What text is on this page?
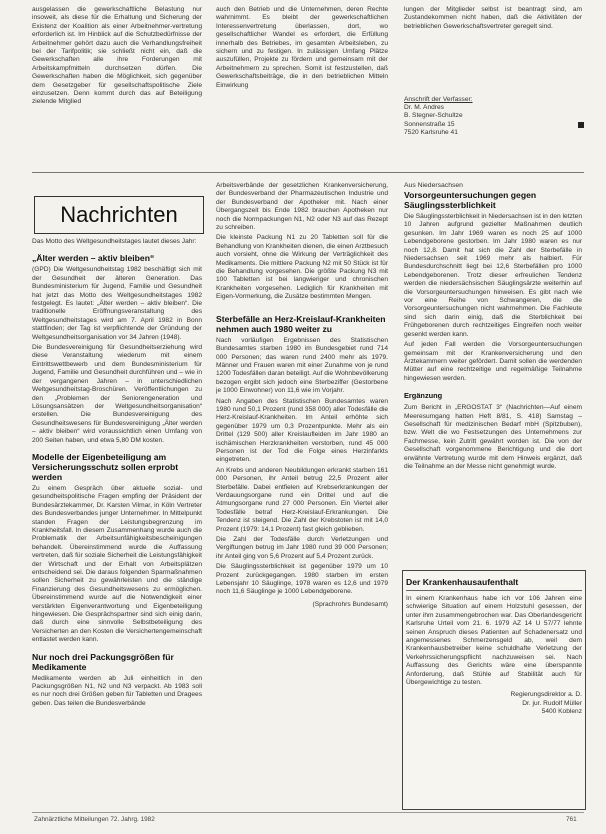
ausgelassen die gewerkschaftliche Belastung nur insoweit, als diese für die Erhaltung und Sicherung der Existenz der Koalition als einer Arbeitnehmer-vertretung erforderlich ist. Im Hinblick auf die Schutzbedürfnisse der Arbeitnehmer gehört dazu auch die Verhandlungsfreiheit bei der Tarifpolitik; sie schließt nicht ein, daß die Gewerkschaften alle ihre Forderungen mit Arbeitskampfmitteln durchsetzen dürfen. Die Gewerkschaften haben die Möglichkeit, sich gegenüber dem Gesetzgeber für gesellschaftspolitische Ziele einzusetzen. Denn kommt durch das auf Beteiligung zielende Mitglied

auch den Betrieb und die Unternehmen, deren Rechte wahrnimmt. Es bleibt der gewerkschaftlichen Interessenvertretung überlassen, dort, wo gesellschaftlicher Wandel es erfordert, die Erfüllung innerhalb des Betriebes, im gesamten Arbeitsleben, zu sichern und zu festigen. In zulässigen Umfang Plätze auszufüllen, Projekte zu fördern und gemeinsam mit der Arbeitnehmern zu sprechen. Somit ist festzustellen, daß Gewerkschaftsbeiträge, die in den betrieblichen Mitteln Einwirkung

lungen der Mitglieder selbst ist beantragt sind, am Zustandekommen nicht haben, daß die Aktivitäten der betrieblichen Gewerkschaftsvertreter geregelt sind.

Anschrift der Verfasser:

Dr. M. Andres

B. Stegner-Schultze

Sonnenstraße 15

7520 Karlsruhe 41

Nachrichten

Das Motto des Weltgesundheitstages lautet dieses Jahr:

„Älter werden – aktiv bleiben“

(GPD) Die Weltgesundheitstag 1982 beschäftigt sich mit der Gesundheit der älteren Generation. Das Bundesministerium für Jugend, Familie und Gesundheit hat jetzt das Motto des Weltgesundheitstages 1982 festgelegt. Es lautet: „Älter werden – aktiv bleiben“. Die traditionelle Eröffnungsveranstaltung des Weltgesundheitstages wird am 7. April 1982 in Bonn stattfinden; der Tag ist verpflichtende der Gründung der Weltgesundheitsorganisation vor 34 Jahren (1948).

Die Bundesvereinigung für Gesundheitserziehung wird diese Veranstaltung wiederum mit einem Eintrittswettbewerb und dem Bundesministerium für Jugend, Familie und Gesundheit durchführen und – wie in der vergangenen Jahren – in unterschiedlichen Weltgesundheitstag-Broschüren. Veröffentlichungen zu den „Problemen der Seniorengeneration und Lösungsansätzen der Weltgesundheitsorganisation“ erstellen. Die Bundesvereinigung des Gesundheitswesens für Bundesvereinigung „Älter werden – aktiv bleiben“ wird voraussichtlich einen Umfang von 200 Seiten haben, und etwa 5,80 DM kosten.

Modelle der Eigenbeteiligung am Versicherungsschutz sollen erprobt werden

Zu einem Gespräch über aktuelle sozial- und gesundheitspolitische Fragen empfing der Präsident der Bundesärztekammer, Dr. Karsten Vilmar, in Köln Vertreter des Bundesverbandes junger Unternehmer. In Mittelpunkt standen Fragen der Leistungsbegrenzung im Krankheitsfall. In diesem Zusammenhang wurde auch die Problematik der Arbeitsunfähigkeitsbescheinigungen behandelt. Übereinstimmend wurde die Auffassung vertreten, daß für soziale Sicherheit die Leistungsfähigkeit der Wirtschaft und der Erhalt von Arbeitsplätzen entscheidend sei. Die daraus folgenden Sparmaßnahmen sollen Sicherheit zu gewährleisten und die ständige Finanzierung des Gesundheitswesens zu ermöglichen. Übereinstimmend wurde auf die Notwendigkeit einer verstärkten Eigenverantwortung und Eigenbeteiligung hingewiesen. Die Gesprächspartner sind sich einig darin, daß durch eine sinnvolle Selbstbeteiligung des Versicherten an den Kosten die Versichertengemeinschaft entlastet werden kann.

Nur noch drei Packungsgrößen für Medikamente

Medikamente werden ab Juli einheitlich in den Packungsgrößen N1, N2 und N3 verpackt. Ab 1983 soll es nur noch drei Größen geben für Tabletten und Dragees geben. Das teilen die Bundesverbände

Arbeitsverbände der gesetzlichen Krankenversicherung, der Bundesverband der Pharmazeutischen Industrie und der Bundesverband der Apotheker mit. Nach einer Übergangszeit bis Ende 1982 brauchen Apotheken nur noch die Normpackungen N1, N2 oder N3 auf das Rezept zu schreiben.

Die kleinste Packung N1 zu 20 Tabletten soll für die Behandlung von Krankheiten dienen, die einen Arztbesuch auch vorsieht, ohne die Wirkung der Verträglichkeit des Medikaments. Die mittlere Packung N2 mit 50 Stück ist für die Behandlung vorgesehen. Die größte Packung N3 mit 100 Tabletten ist bei langwieriger und chronischen Krankheiten vorgesehen. Lediglich für Krankheiten mit Eigen-Vormerkung, die Zusätze bestimmten Mengen.

Sterbefälle an Herz-Kreislauf-Krankheiten nehmen auch 1980 weiter zu

Nach vorläufigen Ergebnissen des Statistischen Bundesamtes starben 1980 im Bundesgebiet rund 714 000 Personen; das waren rund 2400 mehr als 1979. Männer und Frauen waren mit einer Zunahme von je rund 1200 Todesfällen daran beteiligt. Auf die Wohnbevölkerung bezogen ergibt sich jedoch eine Sterbeziffer (Gestorbene je 1000 Einwohner) von 11,6 wie im Vorjahr.

Nach Angaben des Statistischen Bundesamtes waren 1980 rund 50,1 Prozent (rund 358 000) aller Todesfälle die Herz-Kreislauf-Krankheiten. Im Anteil erhöhte sich gegenüber 1979 um 0,3 Prozentpunkte. Mehr als ein Drittel (129 500) aller Kreislaufleiden im Jahr 1980 an ischämischen Herzkrankheiten verstorben, rund 45 000 Personen ist der Tod die Folge eines Herzinfarkts eingetreten.

An Krebs und anderen Neubildungen erkrankt starben 161 000 Personen, ihr Anteil betrug 22,5 Prozent aller Sterbefälle. Dabei entfielen auf Krebserkrankungen der Verdauungsorgane rund ein Drittel und auf die Atmungsorgane rund 27 000 Personen. Ein Viertel aller Todesfälle betraf Herz-Kreislauf-Erkrankungen. Die Tendenz ist steigend. Die Zahl der Krebstoten ist mit 14,0 Prozent (1979: 14,1 Prozent) fast gleich geblieben.

Die Zahl der Todesfälle durch Verletzungen und Vergiftungen betrug im Jahr 1980 rund 39 000 Personen; ihr Anteil ging von 5,6 Prozent auf 5,4 Prozent zurück.

Die Säuglingssterblichkeit ist gegenüber 1979 um 10 Prozent zurückgegangen. 1980 starben im ersten Lebensjahr 10 Säuglinge, 1978 waren es 12,6 und 1979 noch 11,6 Säuglinge je 1000 Lebendgeborene.

(Sprachrohrs Bundesamt)

Aus Niedersachsen

Vorsorgeuntersuchungen gegen Säuglingssterblichkeit

Die Säuglingssterblichkeit in Niedersachsen ist in den letzten 10 Jahren aufgrund gezielter Maßnahmen deutlich gesunken. Im Jahr 1969 waren es noch 25 auf 1000 Lebendgeborene gestorben. Im Jahr 1980 waren es nur noch 12,8. Damit hat sich die Zahl der Sterbefälle in Niedersachsen seit 1969 mehr als halbiert. Für Bundesdurchschnitt liegt bei 12,6 Sterbefällen pro 1000 Lebendgeborenen. Trotz dieser erfreulichen Tendenz werden die niedersächsischen Säuglingsärzte weiterhin auf die Vorsorgeuntersuchungen hinweisen. Es gibt nach wie vor eine Reihe von Schwangeren, die die Vorsorgeuntersuchungen nicht wahrnehmen. Die Fachleute sind sich darin einig, daß die Sterblichkeit bei Frühgeborenen durch rechtzeitiges Eingreifen noch weiter gesenkt werden kann.

Auf jeden Fall werden die Vorsorgeuntersuchungen gemeinsam mit der Krankenversicherung und den Ärztekammern weiter gefördert. Damit sollen die werdenden Mütter auf eine rechtzeitige und regelmäßige Teilnahme hingewiesen werden.

Ergänzung

Zum Bericht in „ERGOSTAT 3“ (Nachrichten—Auf einem Meeresumgang hatten Heft 8/81, S. 418) Samstag – Gesellschaft für medizinischen Bedarf mbH (Spitzbuben), bzw. Welt die wo Festsetzungen des Unternehmens zur Fachmesse, kein Zutritt gewährt worden ist. Die von der Gesellschaft vorgenommene Berichtigung und die dort erwähnte Vertretung wurde mit dem Hinweis ergänzt, daß die Teilnahme an der Messe nicht genehmigt wurde.

Der Krankenhausaufenthalt

In einem Krankenhaus habe ich vor 106 Jahren eine schwierige Situation auf einem Holzstuhl gesessen, der unter ihm zusammengebrochen war. Das Oberlandesgericht Karlsruhe Urteil vom 21. 6. 1979 AZ 14 U 57/77 lehnte seinen Anspruch dieses Patienten auf Schadenersatz und angemessenes Schmerzensgeld ab, weil dem Krankenhausbetreiber keine schuldhafte Verletzung der Verkehrssicherungspflicht nachzuweisen sei. Nach Auffassung des Gerichts wäre eine überspannte Anforderung, daß Stühle auf Stabilität auch für Übergewichtige zu testen.

Regierungsdirektor a. D.

Dr. jur. Rudolf Müller

5400 Koblenz

Zahnärztliche Mitteilungen 72. Jahrg. 1982	761
